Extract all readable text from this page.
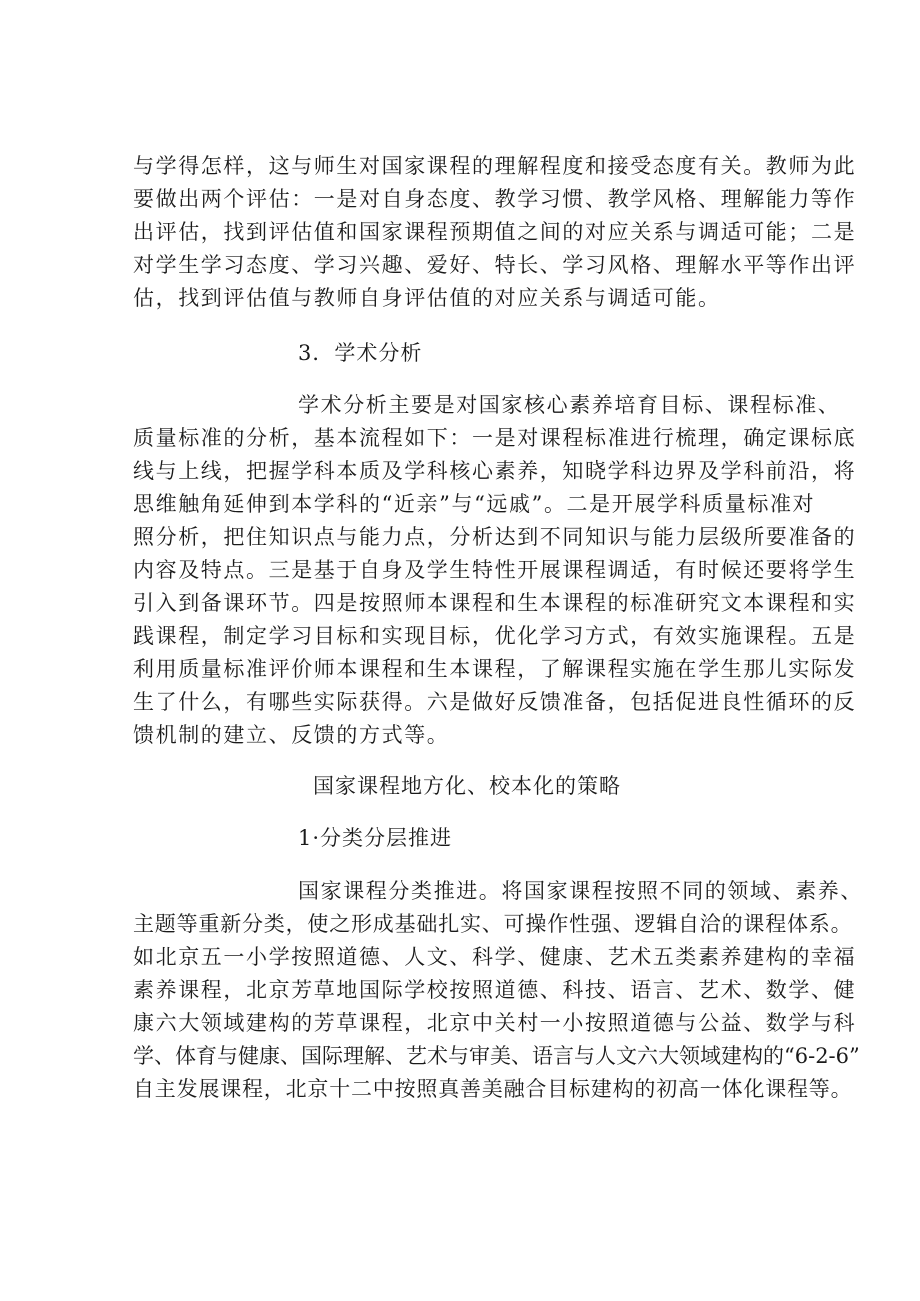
与学得怎样，这与师生对国家课程的理解程度和接受态度有关。教师为此
要做出两个评估：一是对自身态度、教学习惯、教学风格、理解能力等作
出评估，找到评估值和国家课程预期值之间的对应关系与调适可能；二是
对学生学习态度、学习兴趣、爱好、特长、学习风格、理解水平等作出评
估，找到评估值与教师自身评估值的对应关系与调适可能。
3．学术分析
学术分析主要是对国家核心素养培育目标、课程标准、
质量标准的分析，基本流程如下：一是对课程标准进行梳理，确定课标底
线与上线，把握学科本质及学科核心素养，知晓学科边界及学科前沿，将
思维触角延伸到本学科的“近亲”与“远戚”。二是开展学科质量标准对
照分析，把住知识点与能力点，分析达到不同知识与能力层级所要准备的
内容及特点。三是基于自身及学生特性开展课程调适，有时候还要将学生
引入到备课环节。四是按照师本课程和生本课程的标准研究文本课程和实
践课程，制定学习目标和实现目标，优化学习方式，有效实施课程。五是
利用质量标准评价师本课程和生本课程，了解课程实施在学生那儿实际发
生了什么，有哪些实际获得。六是做好反馈准备，包括促进良性循环的反
馈机制的建立、反馈的方式等。
国家课程地方化、校本化的策略
1·分类分层推进
国家课程分类推进。将国家课程按照不同的领域、素养、
主题等重新分类，使之形成基础扎实、可操作性强、逻辑自洽的课程体系。
如北京五一小学按照道德、人文、科学、健康、艺术五类素养建构的幸福
素养课程，北京芳草地国际学校按照道德、科技、语言、艺术、数学、健
康六大领域建构的芳草课程，北京中关村一小按照道德与公益、数学与科
学、体育与健康、国际理解、艺术与审美、语言与人文六大领域建构的“6-2-6”
自主发展课程，北京十二中按照真善美融合目标建构的初高一体化课程等。
